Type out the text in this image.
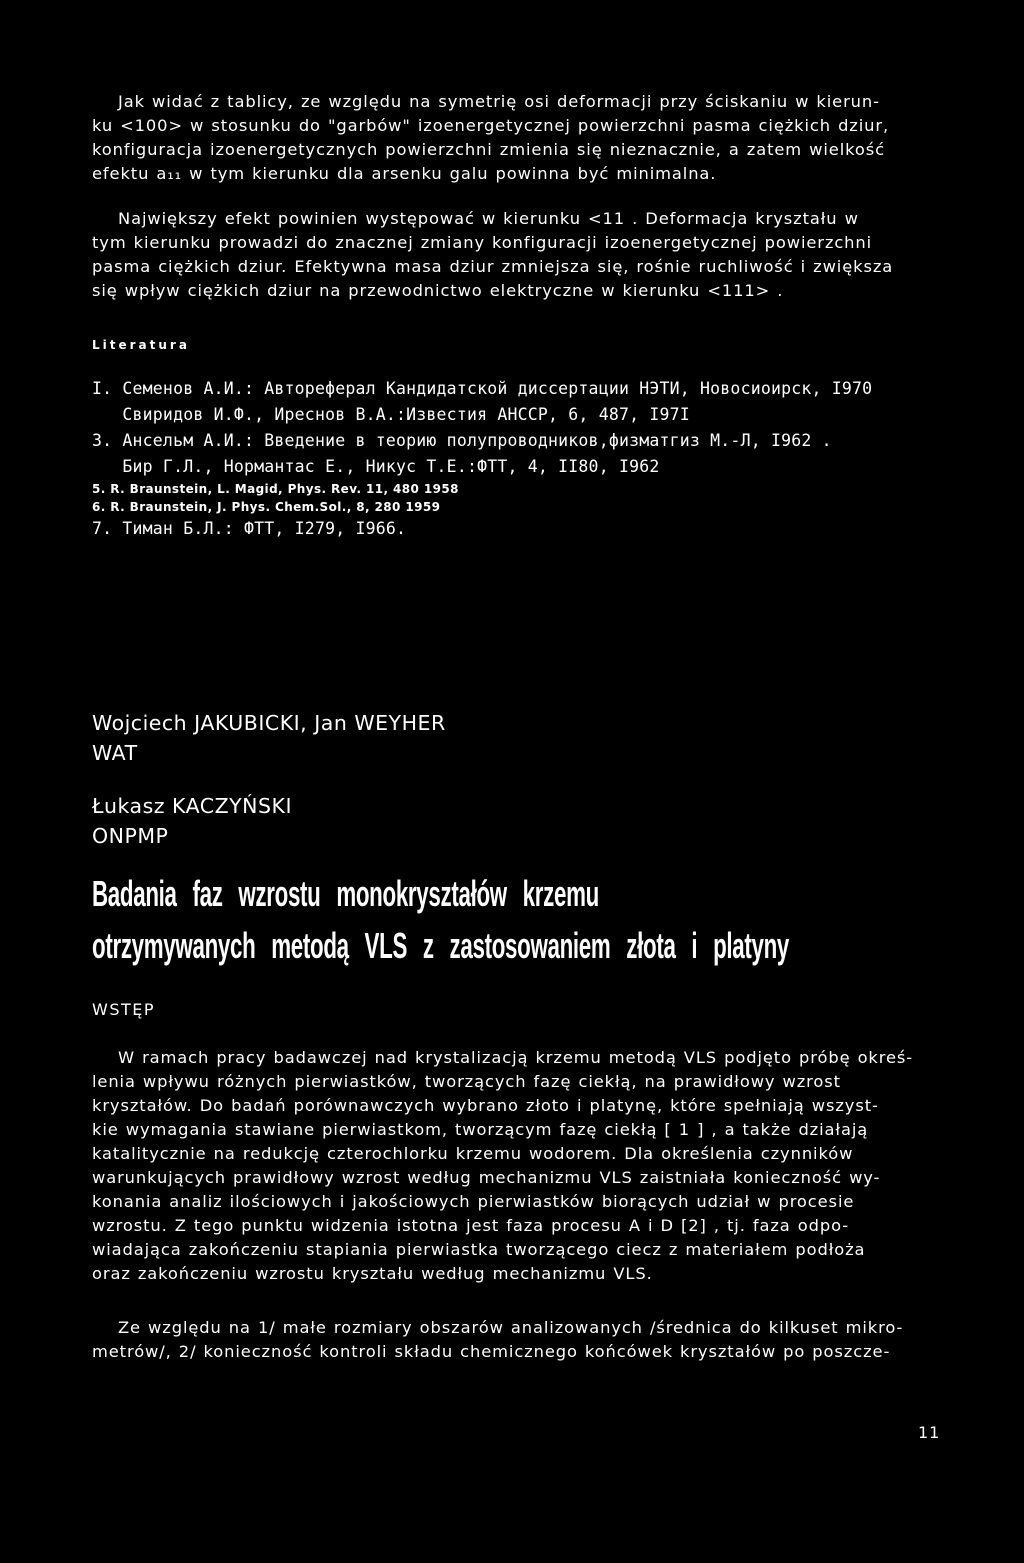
Jak widać z tablicy, ze względu na symetrię osi deformacji przy ściskaniu w kierun-
ku <100> w stosunku do "garbów" izoenergetycznej powierzchni pasma ciężkich dziur,
konfiguracja izoenergetycznych powierzchni zmienia się nieznacznie, a zatem wielkość
efektu a₁₁ w tym kierunku dla arsenku galu powinna być minimalna.
Największy efekt powinien występować w kierunku <11 . Deformacja kryształu w
tym kierunku prowadzi do znacznej zmiany konfiguracji izoenergetycznej powierzchni
pasma ciężkich dziur. Efektywna masa dziur zmniejsza się, rośnie ruchliwość i zwiększa
się wpływ ciężkich dziur na przewodnictwo elektryczne w kierunku <111> .
Literatura
I. Семенов А.И.: Автореферал Кандидатской диссертации НЭТИ, Новосиоирск, I970
Свиридов И.Ф., Иреснов В.А.:Известия АНССР, 6, 487, I97I
3. Ансельм А.И.: Введение в теорию полупроводников,физматгиз М.-Л, I962 .
Бир Г.Л., Нормантас Е., Никус Т.Е.:ФТТ, 4, II80, I962
5. R. Braunstein, L. Magid, Phys. Rev. 11, 480 1958
6. R. Braunstein, J. Phys. Chem.Sol., 8, 280 1959
7. Тиман Б.Л.: ФТТ, I279, I966.
Wojciech JAKUBICKI, Jan WEYHER
WAT
Łukasz KACZYŃSKI
ONPMP
Badania faz wzrostu monokryształów krzemu
otrzymywanych metodą VLS z zastosowaniem złota i platyny
WSTĘP
W ramach pracy badawczej nad krystalizacją krzemu metodą VLS podjęto próbę okreś-
lenia wpływu różnych pierwiastków, tworzących fazę ciekłą, na prawidłowy wzrost
kryształów. Do badań porównawczych wybrano złoto i platynę, które spełniają wszyst-
kie wymagania stawiane pierwiastkom, tworzącym fazę ciekłą [ 1 ] , a także działają
katalitycznie na redukcję czterochlorku krzemu wodorem. Dla określenia czynników
warunkujących prawidłowy wzrost według mechanizmu VLS zaistniała konieczność wy-
konania analiz ilościowych i jakościowych pierwiastków biorących udział w procesie
wzrostu. Z tego punktu widzenia istotna jest faza procesu A i D [2] , tj. faza odpo-
wiadająca zakończeniu stapiania pierwiastka tworzącego ciecz z materiałem podłoża
oraz zakończeniu wzrostu kryształu według mechanizmu VLS.
Ze względu na 1/ małe rozmiary obszarów analizowanych /średnica do kilkuset mikro-
metrów/, 2/ konieczność kontroli składu chemicznego końcówek kryształów po poszcze-
11
